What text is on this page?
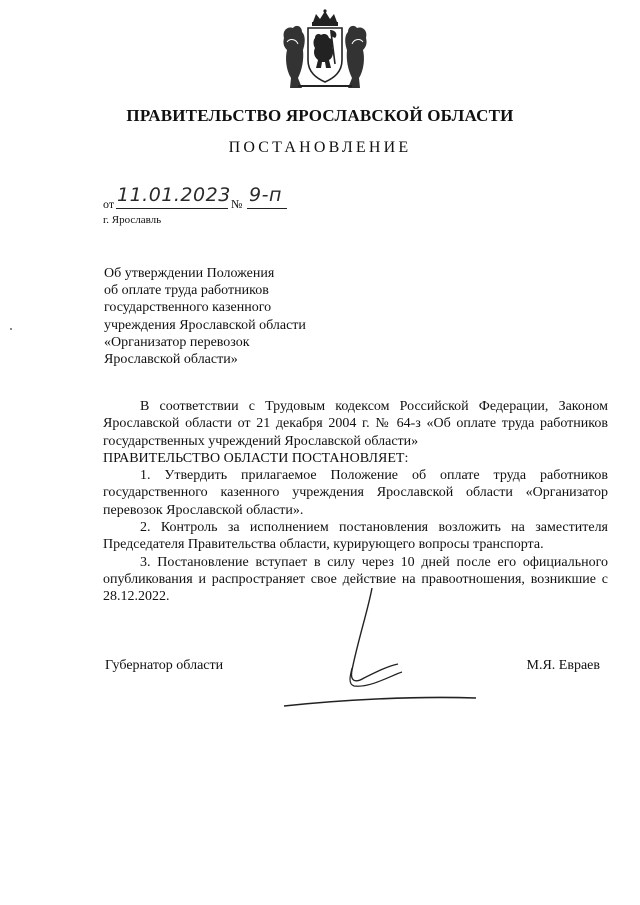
ПРАВИТЕЛЬСТВО ЯРОСЛАВСКОЙ ОБЛАСТИ
ПОСТАНОВЛЕНИЕ
от 11.01.2023 № 9-п
г. Ярославль
Об утверждении Положения
об оплате труда работников
государственного казенного
учреждения Ярославской области
«Организатор перевозок
Ярославской области»

В соответствии с Трудовым кодексом Российской Федерации, Законом Ярославской области от 21 декабря 2004 г. № 64-з «Об оплате труда работников государственных учреждений Ярославской области»

ПРАВИТЕЛЬСТВО ОБЛАСТИ ПОСТАНОВЛЯЕТ:

1. Утвердить прилагаемое Положение об оплате труда работников государственного казенного учреждения Ярославской области «Организатор перевозок Ярославской области».

2. Контроль за исполнением постановления возложить на заместителя Председателя Правительства области, курирующего вопросы транспорта.

3. Постановление вступает в силу через 10 дней после его официального опубликования и распространяет свое действие на правоотношения, возникшие с 28.12.2022.

Губернатор области	М.Я. Евраев
